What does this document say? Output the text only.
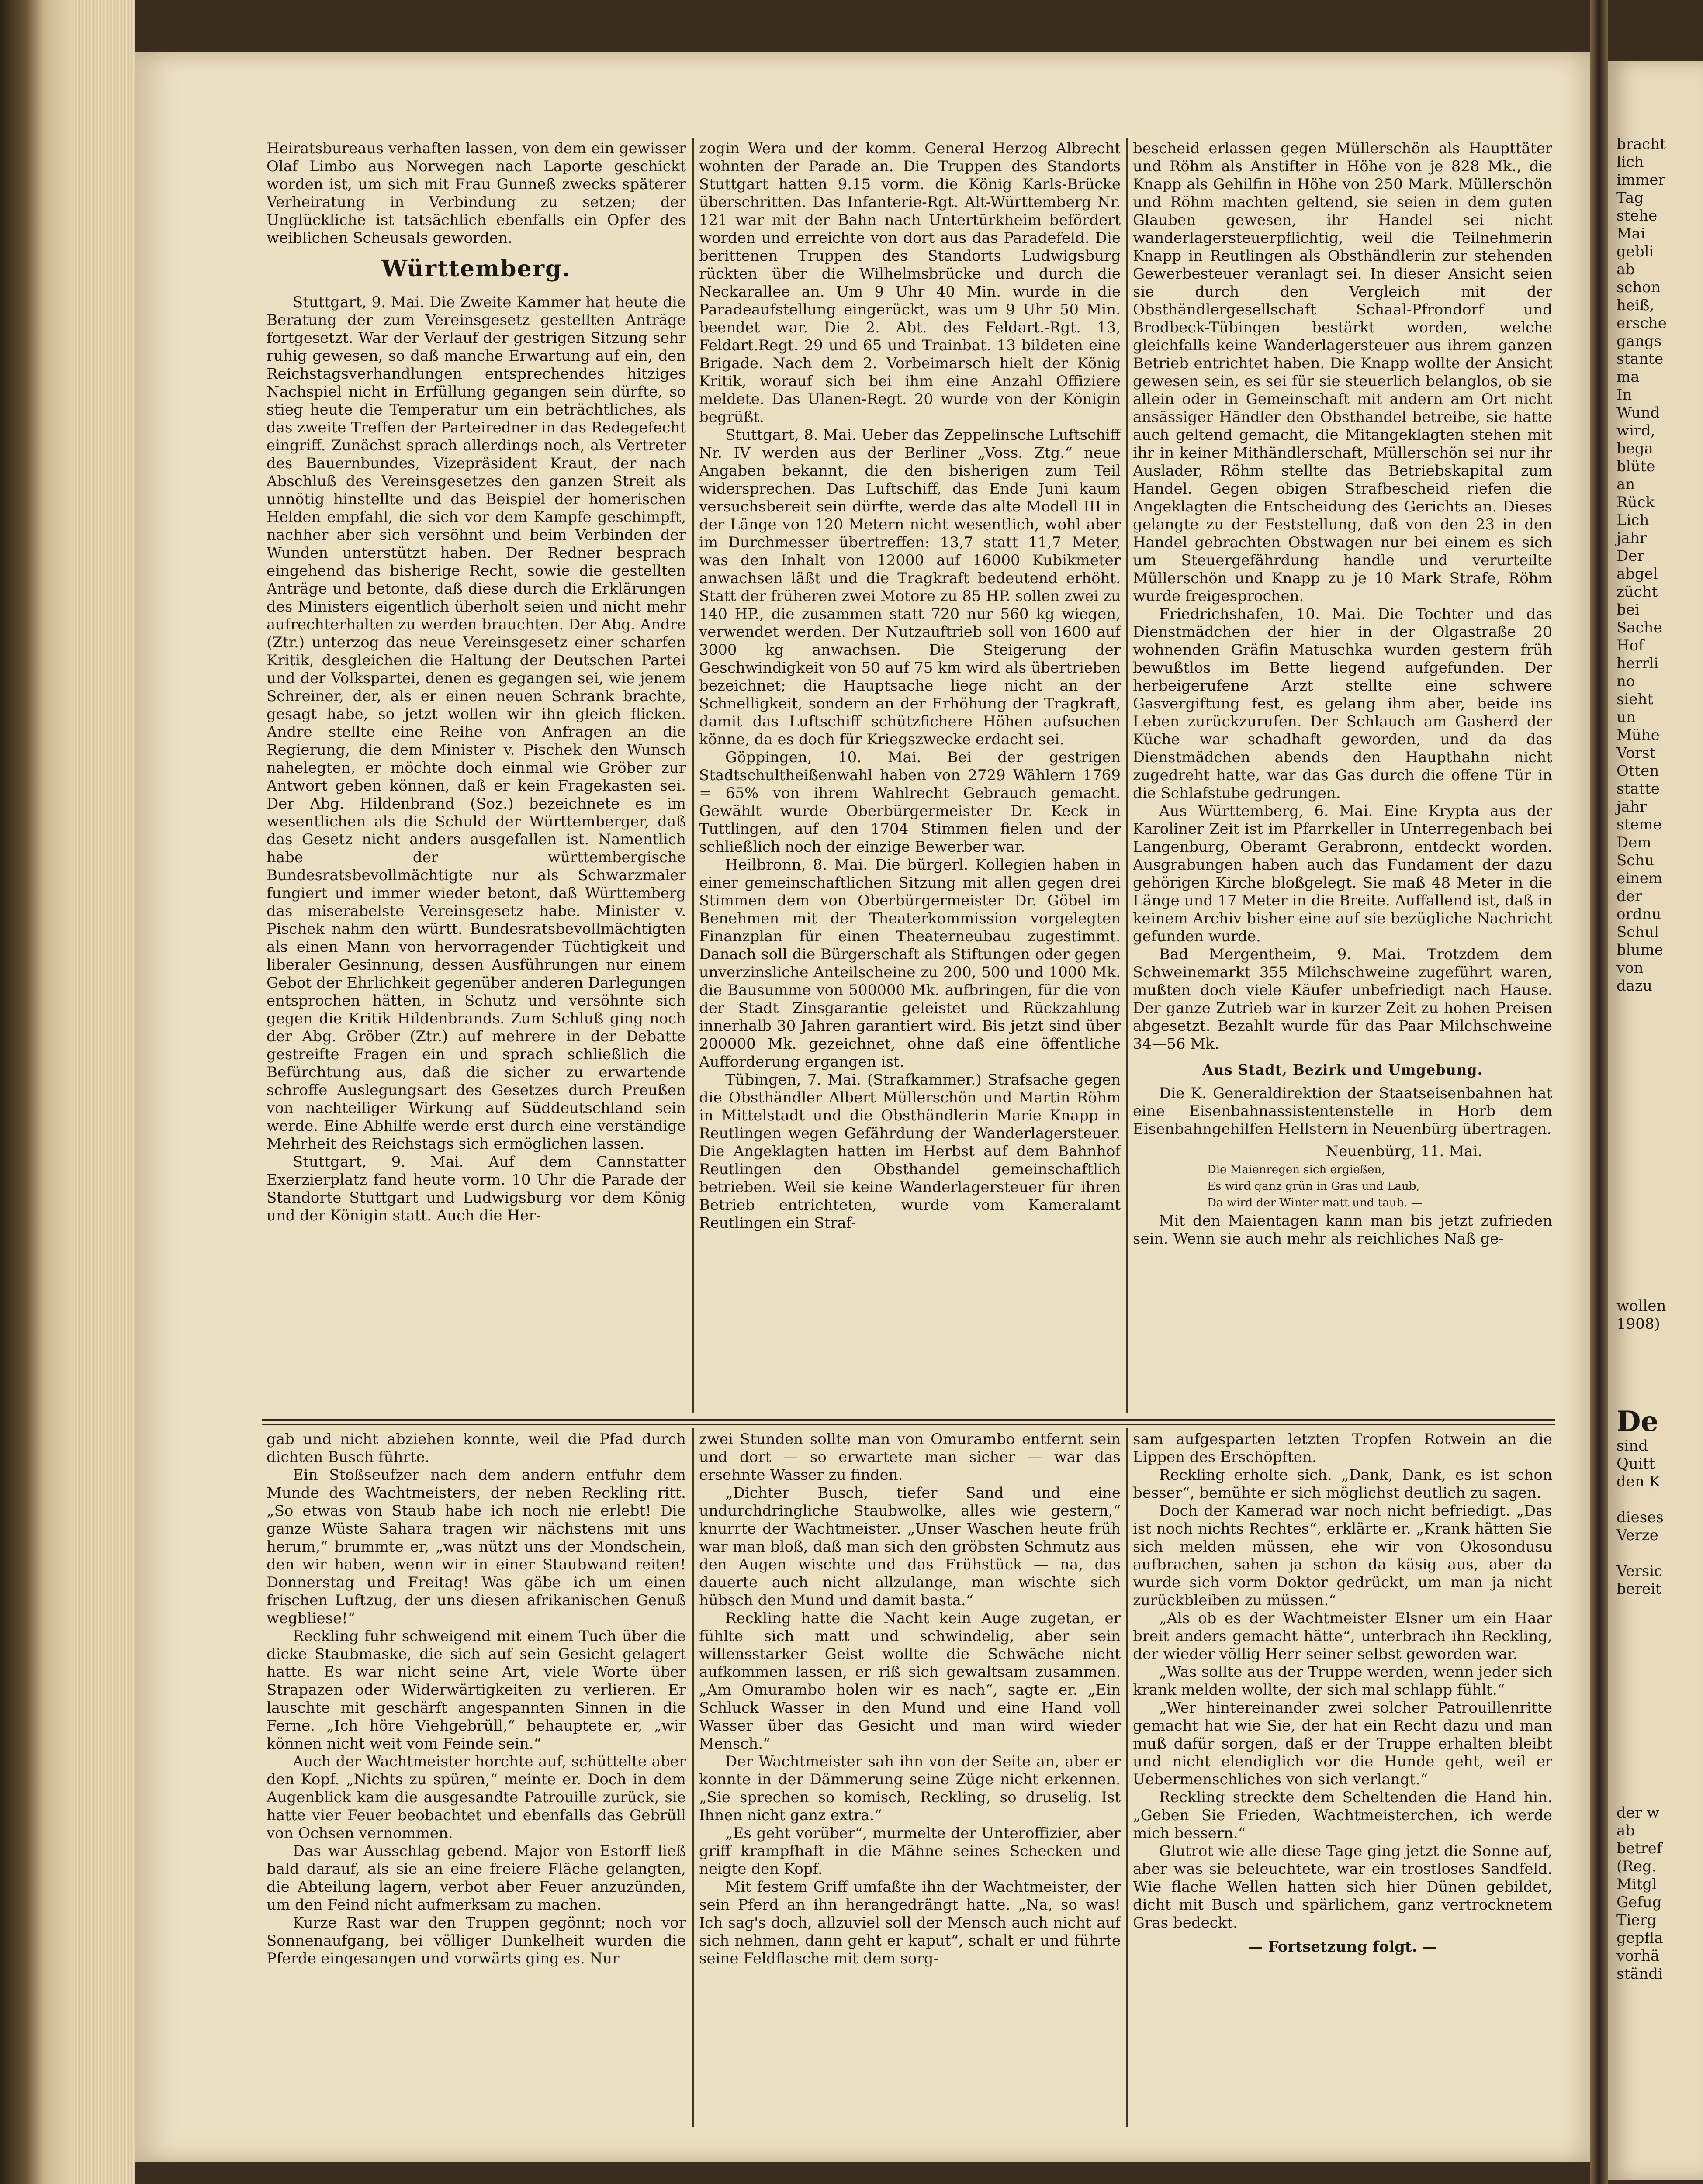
Heiratsbureaus verhaften lassen, von dem ein gewisser Olaf Limbo aus Norwegen nach Laporte geschickt worden ist, um sich mit Frau Gunneß zwecks späterer Verheiratung in Verbindung zu setzen; der Unglückliche ist tatsächlich ebenfalls ein Opfer des weiblichen Scheusals geworden.

Württemberg.

Stuttgart, 9. Mai. Die Zweite Kammer hat heute die Beratung der zum Vereinsgesetz gestellten Anträge fortgesetzt. War der Verlauf der gestrigen Sitzung sehr ruhig gewesen, so daß manche Erwartung auf ein, den Reichstagsverhandlungen entsprechendes hitziges Nachspiel nicht in Erfüllung gegangen sein dürfte, so stieg heute die Temperatur um ein beträchtliches, als das zweite Treffen der Parteiredner in das Redegefecht eingriff. Zunächst sprach allerdings noch, als Vertreter des Bauernbundes, Vizepräsident Kraut, der nach Abschluß des Vereinsgesetzes den ganzen Streit als unnötig hinstellte und das Beispiel der homerischen Helden empfahl, die sich vor dem Kampfe geschimpft, nachher aber sich versöhnt und beim Verbinden der Wunden unterstützt haben. Der Redner besprach eingehend das bisherige Recht, sowie die gestellten Anträge und betonte, daß diese durch die Erklärungen des Ministers eigentlich überholt seien und nicht mehr aufrechterhalten zu werden brauchten. Der Abg. Andre (Ztr.) unterzog das neue Vereinsgesetz einer scharfen Kritik, desgleichen die Haltung der Deutschen Partei und der Volkspartei, denen es gegangen sei, wie jenem Schreiner, der, als er einen neuen Schrank brachte, gesagt habe, so jetzt wollen wir ihn gleich flicken. Andre stellte eine Reihe von Anfragen an die Regierung, die dem Minister v. Pischek den Wunsch nahelegten, er möchte doch einmal wie Gröber zur Antwort geben können, daß er kein Fragekasten sei. Der Abg. Hildenbrand (Soz.) bezeichnete es im wesentlichen als die Schuld der Württemberger, daß das Gesetz nicht anders ausgefallen ist. Namentlich habe der württembergische Bundesratsbevollmächtigte nur als Schwarzmaler fungiert und immer wieder betont, daß Württemberg das miserabelste Vereinsgesetz habe. Minister v. Pischek nahm den württ. Bundesratsbevollmächtigten als einen Mann von hervorragender Tüchtigkeit und liberaler Gesinnung, dessen Ausführungen nur einem Gebot der Ehrlichkeit gegenüber anderen Darlegungen entsprochen hätten, in Schutz und versöhnte sich gegen die Kritik Hildenbrands. Zum Schluß ging noch der Abg. Gröber (Ztr.) auf mehrere in der Debatte gestreifte Fragen ein und sprach schließlich die Befürchtung aus, daß die sicher zu erwartende schroffe Auslegungsart des Gesetzes durch Preußen von nachteiliger Wirkung auf Süddeutschland sein werde. Eine Abhilfe werde erst durch eine verständige Mehrheit des Reichstags sich ermöglichen lassen.

Stuttgart, 9. Mai. Auf dem Cannstatter Exerzierplatz fand heute vorm. 10 Uhr die Parade der Standorte Stuttgart und Ludwigsburg vor dem König und der Königin statt. Auch die Her-

zogin Wera und der komm. General Herzog Albrecht wohnten der Parade an. Die Truppen des Standorts Stuttgart hatten 9.15 vorm. die König Karls-Brücke überschritten. Das Infanterie-Rgt. Alt-Württemberg Nr. 121 war mit der Bahn nach Untertürkheim befördert worden und erreichte von dort aus das Paradefeld. Die berittenen Truppen des Standorts Ludwigsburg rückten über die Wilhelmsbrücke und durch die Neckarallee an. Um 9 Uhr 40 Min. wurde in die Paradeaufstellung eingerückt, was um 9 Uhr 50 Min. beendet war. Die 2. Abt. des Feldart.-Rgt. 13, Feldart.Regt. 29 und 65 und Trainbat. 13 bildeten eine Brigade. Nach dem 2. Vorbeimarsch hielt der König Kritik, worauf sich bei ihm eine Anzahl Offiziere meldete. Das Ulanen-Regt. 20 wurde von der Königin begrüßt.

Stuttgart, 8. Mai. Ueber das Zeppelinsche Luftschiff Nr. IV werden aus der Berliner „Voss. Ztg.“ neue Angaben bekannt, die den bisherigen zum Teil widersprechen. Das Luftschiff, das Ende Juni kaum versuchsbereit sein dürfte, werde das alte Modell III in der Länge von 120 Metern nicht wesentlich, wohl aber im Durchmesser übertreffen: 13,7 statt 11,7 Meter, was den Inhalt von 12000 auf 16000 Kubikmeter anwachsen läßt und die Tragkraft bedeutend erhöht. Statt der früheren zwei Motore zu 85 HP. sollen zwei zu 140 HP., die zusammen statt 720 nur 560 kg wiegen, verwendet werden. Der Nutzauftrieb soll von 1600 auf 3000 kg anwachsen. Die Steigerung der Geschwindigkeit von 50 auf 75 km wird als übertrieben bezeichnet; die Hauptsache liege nicht an der Schnelligkeit, sondern an der Erhöhung der Tragkraft, damit das Luftschiff schützfichere Höhen aufsuchen könne, da es doch für Kriegszwecke erdacht sei.

Göppingen, 10. Mai. Bei der gestrigen Stadtschultheißenwahl haben von 2729 Wählern 1769 = 65% von ihrem Wahlrecht Gebrauch gemacht. Gewählt wurde Oberbürgermeister Dr. Keck in Tuttlingen, auf den 1704 Stimmen fielen und der schließlich noch der einzige Bewerber war.

Heilbronn, 8. Mai. Die bürgerl. Kollegien haben in einer gemeinschaftlichen Sitzung mit allen gegen drei Stimmen dem von Oberbürgermeister Dr. Göbel im Benehmen mit der Theaterkommission vorgelegten Finanzplan für einen Theaterneubau zugestimmt. Danach soll die Bürgerschaft als Stiftungen oder gegen unverzinsliche Anteilscheine zu 200, 500 und 1000 Mk. die Bausumme von 500000 Mk. aufbringen, für die von der Stadt Zinsgarantie geleistet und Rückzahlung innerhalb 30 Jahren garantiert wird. Bis jetzt sind über 200000 Mk. gezeichnet, ohne daß eine öffentliche Aufforderung ergangen ist.

Tübingen, 7. Mai. (Strafkammer.) Strafsache gegen die Obsthändler Albert Müllerschön und Martin Röhm in Mittelstadt und die Obsthändlerin Marie Knapp in Reutlingen wegen Gefährdung der Wanderlagersteuer. Die Angeklagten hatten im Herbst auf dem Bahnhof Reutlingen den Obsthandel gemeinschaftlich betrieben. Weil sie keine Wanderlagersteuer für ihren Betrieb entrichteten, wurde vom Kameralamt Reutlingen ein Straf-

bescheid erlassen gegen Müllerschön als Haupttäter und Röhm als Anstifter in Höhe von je 828 Mk., die Knapp als Gehilfin in Höhe von 250 Mark. Müllerschön und Röhm machten geltend, sie seien in dem guten Glauben gewesen, ihr Handel sei nicht wanderlagersteuerpflichtig, weil die Teilnehmerin Knapp in Reutlingen als Obsthändlerin zur stehenden Gewerbesteuer veranlagt sei. In dieser Ansicht seien sie durch den Vergleich mit der Obsthändlergesellschaft Schaal-Pfrondorf und Brodbeck-Tübingen bestärkt worden, welche gleichfalls keine Wanderlagersteuer aus ihrem ganzen Betrieb entrichtet haben. Die Knapp wollte der Ansicht gewesen sein, es sei für sie steuerlich belanglos, ob sie allein oder in Gemeinschaft mit andern am Ort nicht ansässiger Händler den Obsthandel betreibe, sie hatte auch geltend gemacht, die Mitangeklagten stehen mit ihr in keiner Mithändlerschaft, Müllerschön sei nur ihr Auslader, Röhm stellte das Betriebskapital zum Handel. Gegen obigen Strafbescheid riefen die Angeklagten die Entscheidung des Gerichts an. Dieses gelangte zu der Feststellung, daß von den 23 in den Handel gebrachten Obstwagen nur bei einem es sich um Steuergefährdung handle und verurteilte Müllerschön und Knapp zu je 10 Mark Strafe, Röhm wurde freigesprochen.

Friedrichshafen, 10. Mai. Die Tochter und das Dienstmädchen der hier in der Olgastraße 20 wohnenden Gräfin Matuschka wurden gestern früh bewußtlos im Bette liegend aufgefunden. Der herbeigerufene Arzt stellte eine schwere Gasvergiftung fest, es gelang ihm aber, beide ins Leben zurückzurufen. Der Schlauch am Gasherd der Küche war schadhaft geworden, und da das Dienstmädchen abends den Haupthahn nicht zugedreht hatte, war das Gas durch die offene Tür in die Schlafstube gedrungen.

Aus Württemberg, 6. Mai. Eine Krypta aus der Karoliner Zeit ist im Pfarrkeller in Unterregenbach bei Langenburg, Oberamt Gerabronn, entdeckt worden. Ausgrabungen haben auch das Fundament der dazu gehörigen Kirche bloßgelegt. Sie maß 48 Meter in die Länge und 17 Meter in die Breite. Auffallend ist, daß in keinem Archiv bisher eine auf sie bezügliche Nachricht gefunden wurde.

Bad Mergentheim, 9. Mai. Trotzdem dem Schweinemarkt 355 Milchschweine zugeführt waren, mußten doch viele Käufer unbefriedigt nach Hause. Der ganze Zutrieb war in kurzer Zeit zu hohen Preisen abgesetzt. Bezahlt wurde für das Paar Milchschweine 34—56 Mk.

Aus Stadt, Bezirk und Umgebung.

Die K. Generaldirektion der Staatseisenbahnen hat eine Eisenbahnassistentenstelle in Horb dem Eisenbahngehilfen Hellstern in Neuenbürg übertragen.

Neuenbürg, 11. Mai.

Die Maienregen sich ergießen,

Es wird ganz grün in Gras und Laub,

Da wird der Winter matt und taub. —

Mit den Maientagen kann man bis jetzt zufrieden sein. Wenn sie auch mehr als reichliches Naß ge-

gab und nicht abziehen konnte, weil die Pfad durch dichten Busch führte.

Ein Stoßseufzer nach dem andern entfuhr dem Munde des Wachtmeisters, der neben Reckling ritt. „So etwas von Staub habe ich noch nie erlebt! Die ganze Wüste Sahara tragen wir nächstens mit uns herum,“ brummte er, „was nützt uns der Mondschein, den wir haben, wenn wir in einer Staubwand reiten! Donnerstag und Freitag! Was gäbe ich um einen frischen Luftzug, der uns diesen afrikanischen Genuß wegbliese!“

Reckling fuhr schweigend mit einem Tuch über die dicke Staubmaske, die sich auf sein Gesicht gelagert hatte. Es war nicht seine Art, viele Worte über Strapazen oder Widerwärtigkeiten zu verlieren. Er lauschte mit geschärft angespannten Sinnen in die Ferne. „Ich höre Viehgebrüll,“ behauptete er, „wir können nicht weit vom Feinde sein.“

Auch der Wachtmeister horchte auf, schüttelte aber den Kopf. „Nichts zu spüren,“ meinte er. Doch in dem Augenblick kam die ausgesandte Patrouille zurück, sie hatte vier Feuer beobachtet und ebenfalls das Gebrüll von Ochsen vernommen.

Das war Ausschlag gebend. Major von Estorff ließ bald darauf, als sie an eine freiere Fläche gelangten, die Abteilung lagern, verbot aber Feuer anzuzünden, um den Feind nicht aufmerksam zu machen.

Kurze Rast war den Truppen gegönnt; noch vor Sonnenaufgang, bei völliger Dunkelheit wurden die Pferde eingesangen und vorwärts ging es. Nur

zwei Stunden sollte man von Omurambo entfernt sein und dort — so erwartete man sicher — war das ersehnte Wasser zu finden.

„Dichter Busch, tiefer Sand und eine undurchdringliche Staubwolke, alles wie gestern,“ knurrte der Wachtmeister. „Unser Waschen heute früh war man bloß, daß man sich den gröbsten Schmutz aus den Augen wischte und das Frühstück — na, das dauerte auch nicht allzulange, man wischte sich hübsch den Mund und damit basta.“

Reckling hatte die Nacht kein Auge zugetan, er fühlte sich matt und schwindelig, aber sein willensstarker Geist wollte die Schwäche nicht aufkommen lassen, er riß sich gewaltsam zusammen. „Am Omurambo holen wir es nach“, sagte er. „Ein Schluck Wasser in den Mund und eine Hand voll Wasser über das Gesicht und man wird wieder Mensch.“

Der Wachtmeister sah ihn von der Seite an, aber er konnte in der Dämmerung seine Züge nicht erkennen. „Sie sprechen so komisch, Reckling, so druselig. Ist Ihnen nicht ganz extra.“

„Es geht vorüber“, murmelte der Unteroffizier, aber griff krampfhaft in die Mähne seines Schecken und neigte den Kopf.

Mit festem Griff umfaßte ihn der Wachtmeister, der sein Pferd an ihn herangedrängt hatte. „Na, so was! Ich sag's doch, allzuviel soll der Mensch auch nicht auf sich nehmen, dann geht er kaput“, schalt er und führte seine Feldflasche mit dem sorg-

sam aufgesparten letzten Tropfen Rotwein an die Lippen des Erschöpften.

Reckling erholte sich. „Dank, Dank, es ist schon besser“, bemühte er sich möglichst deutlich zu sagen.

Doch der Kamerad war noch nicht befriedigt. „Das ist noch nichts Rechtes“, erklärte er. „Krank hätten Sie sich melden müssen, ehe wir von Okosondusu aufbrachen, sahen ja schon da käsig aus, aber da wurde sich vorm Doktor gedrückt, um man ja nicht zurückbleiben zu müssen.“

„Als ob es der Wachtmeister Elsner um ein Haar breit anders gemacht hätte“, unterbrach ihn Reckling, der wieder völlig Herr seiner selbst geworden war.

„Was sollte aus der Truppe werden, wenn jeder sich krank melden wollte, der sich mal schlapp fühlt.“

„Wer hintereinander zwei solcher Patrouillenritte gemacht hat wie Sie, der hat ein Recht dazu und man muß dafür sorgen, daß er der Truppe erhalten bleibt und nicht elendiglich vor die Hunde geht, weil er Uebermenschliches von sich verlangt.“

Reckling streckte dem Scheltenden die Hand hin. „Geben Sie Frieden, Wachtmeisterchen, ich werde mich bessern.“

Glutrot wie alle diese Tage ging jetzt die Sonne auf, aber was sie beleuchtete, war ein trostloses Sandfeld. Wie flache Wellen hatten sich hier Dünen gebildet, dicht mit Busch und spärlichem, ganz vertrocknetem Gras bedeckt.

— Fortsetzung folgt. —

bracht
lich
immer
Tag
stehe
Mai
gebli
ab
schon
heiß,
ersche
gangs
stante
ma
In
Wund
wird,
bega
blüte
an
Rück
Lich
jahr
Der
abgel
zücht
bei
Sache
Hof
herrli
no
sieht
un
Mühe
Vorst
Otten
statte
jahr
steme
Dem
Schu
einem
der
ordnu
Schul
blume
von
dazu
wollen
1908)
De
sind
Quitt
den K

dieses
Verze

Versic
bereit
der w
ab
betref
(Reg.
Mitgl
Gefug
Tierg
gepfla
vorhä
ständi
